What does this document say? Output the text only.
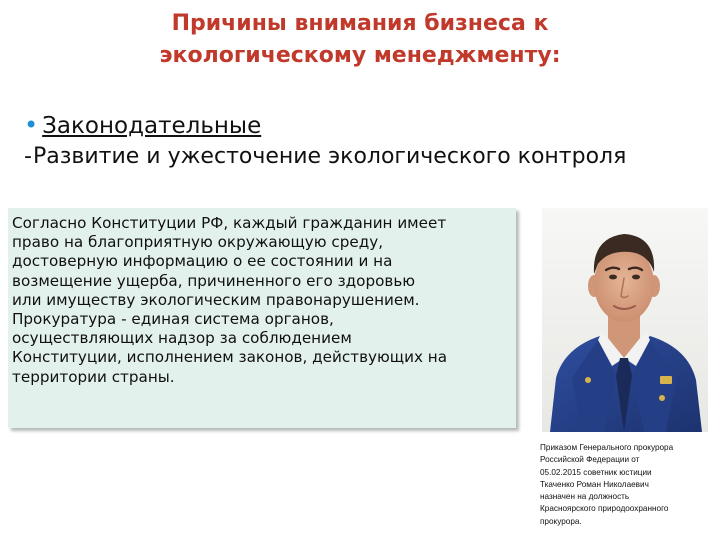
Причины внимания бизнеса к
экологическому менеджменту:
• Законодательные
-Развитие и ужесточение экологического контроля
Согласно Конституции РФ, каждый гражданин имеет
право на благоприятную окружающую среду,
достоверную информацию о ее состоянии и на
возмещение ущерба, причиненного его здоровью
или имуществу экологическим правонарушением.
Прокуратура - единая система органов,
осуществляющих надзор за соблюдением
Конституции, исполнением законов, действующих на
территории страны.
Приказом Генерального прокурора
Российской Федерации от
05.02.2015 советник юстиции
Ткаченко Роман Николаевич
назначен на должность
Красноярского природоохранного
прокурора.
